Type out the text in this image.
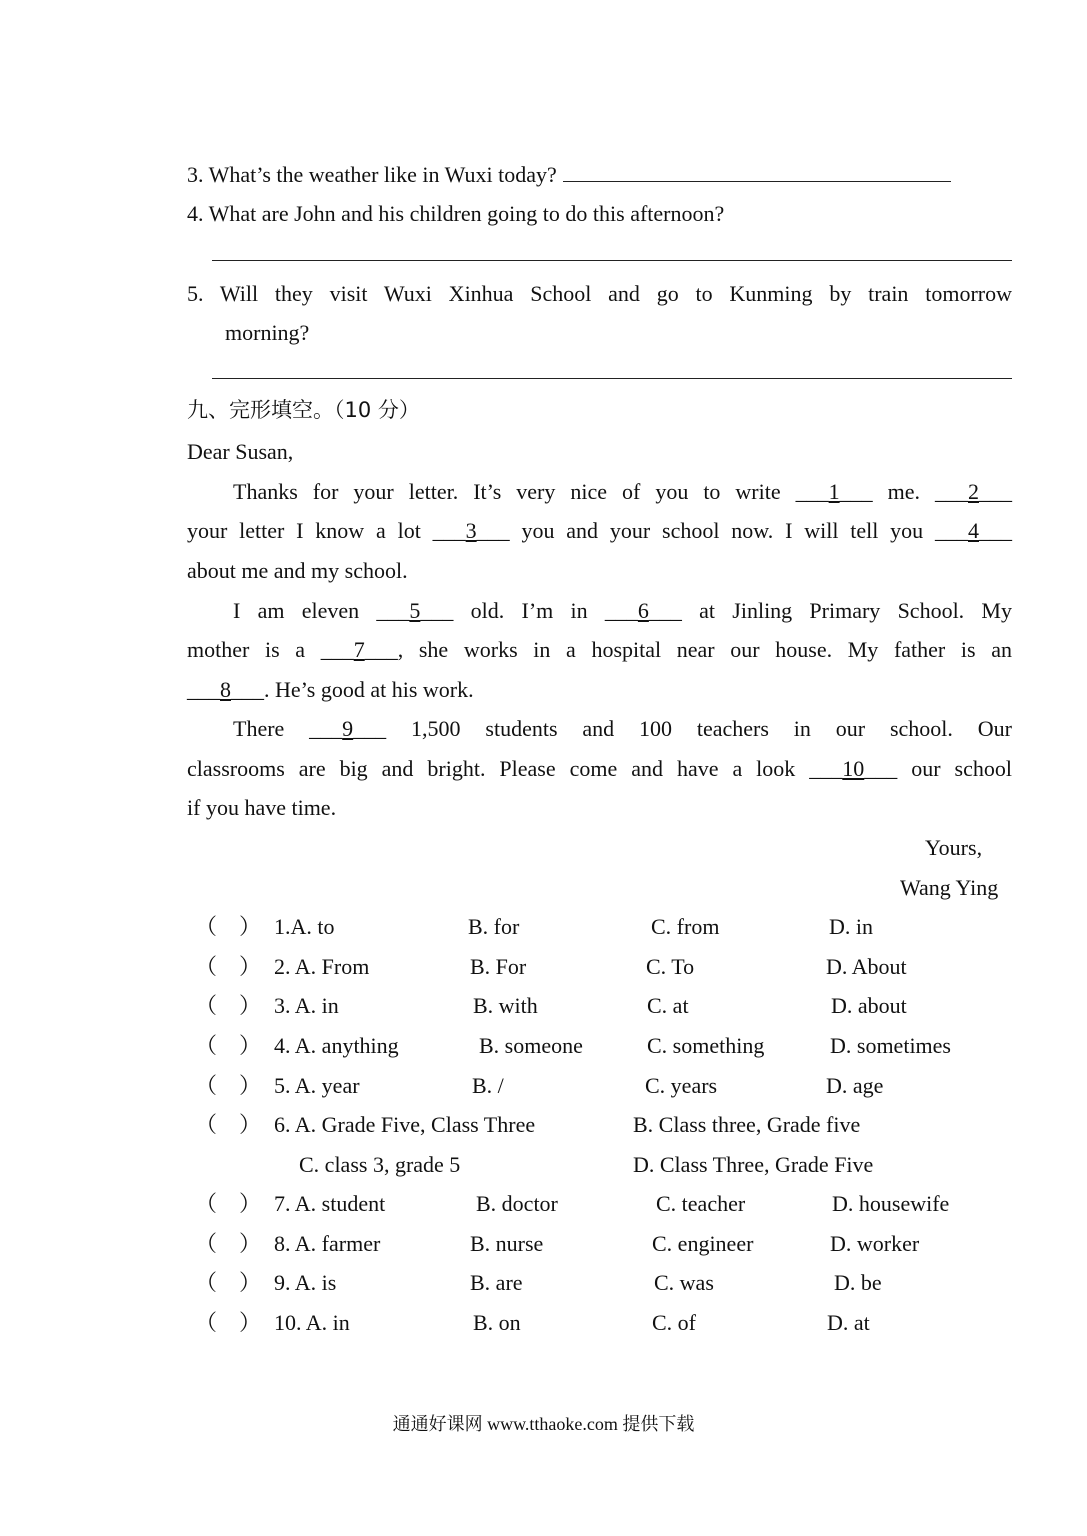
3. What’s the weather like in Wuxi today?
4. What are John and his children going to do this afternoon?
5. Will they visit Wuxi Xinhua School and go to Kunming by train tomorrow
morning?
九、完形填空。（10 分）
Dear Susan,
Thanks for your letter. It’s very nice of you to write ___1___ me. ___2___
your letter I know a lot ___3___ you and your school now. I will tell you ___4___
about me and my school.
I am eleven ___5___ old. I’m in ___6___ at Jinling Primary School. My
mother is a ___7___, she works in a hospital near our house. My father is an
___8___. He’s good at his work.
There ___9___ 1,500 students and 100 teachers in our school. Our
classrooms are big and bright. Please come and have a look ___10___ our school
if you have time.
Yours,
Wang Ying
（　） 1.A. to	B. for	C. from	D. in
（　） 2. A. From	B. For	C. To	D. About
（　） 3. A. in	B. with	C. at	D. about
（　） 4. A. anything	B. someone	C. something	D. sometimes
（　） 5. A. year	B. /	C. years	D. age
（　） 6. A. Grade Five, Class Three	B. Class three, Grade five
C. class 3, grade 5	D. Class Three, Grade Five
（　） 7. A. student	B. doctor	C. teacher	D. housewife
（　） 8. A. farmer	B. nurse	C. engineer	D. worker
（　） 9. A. is	B. are	C. was	D. be
（　） 10. A. in	B. on	C. of	D. at
通通好课网 www.tthaoke.com 提供下载
